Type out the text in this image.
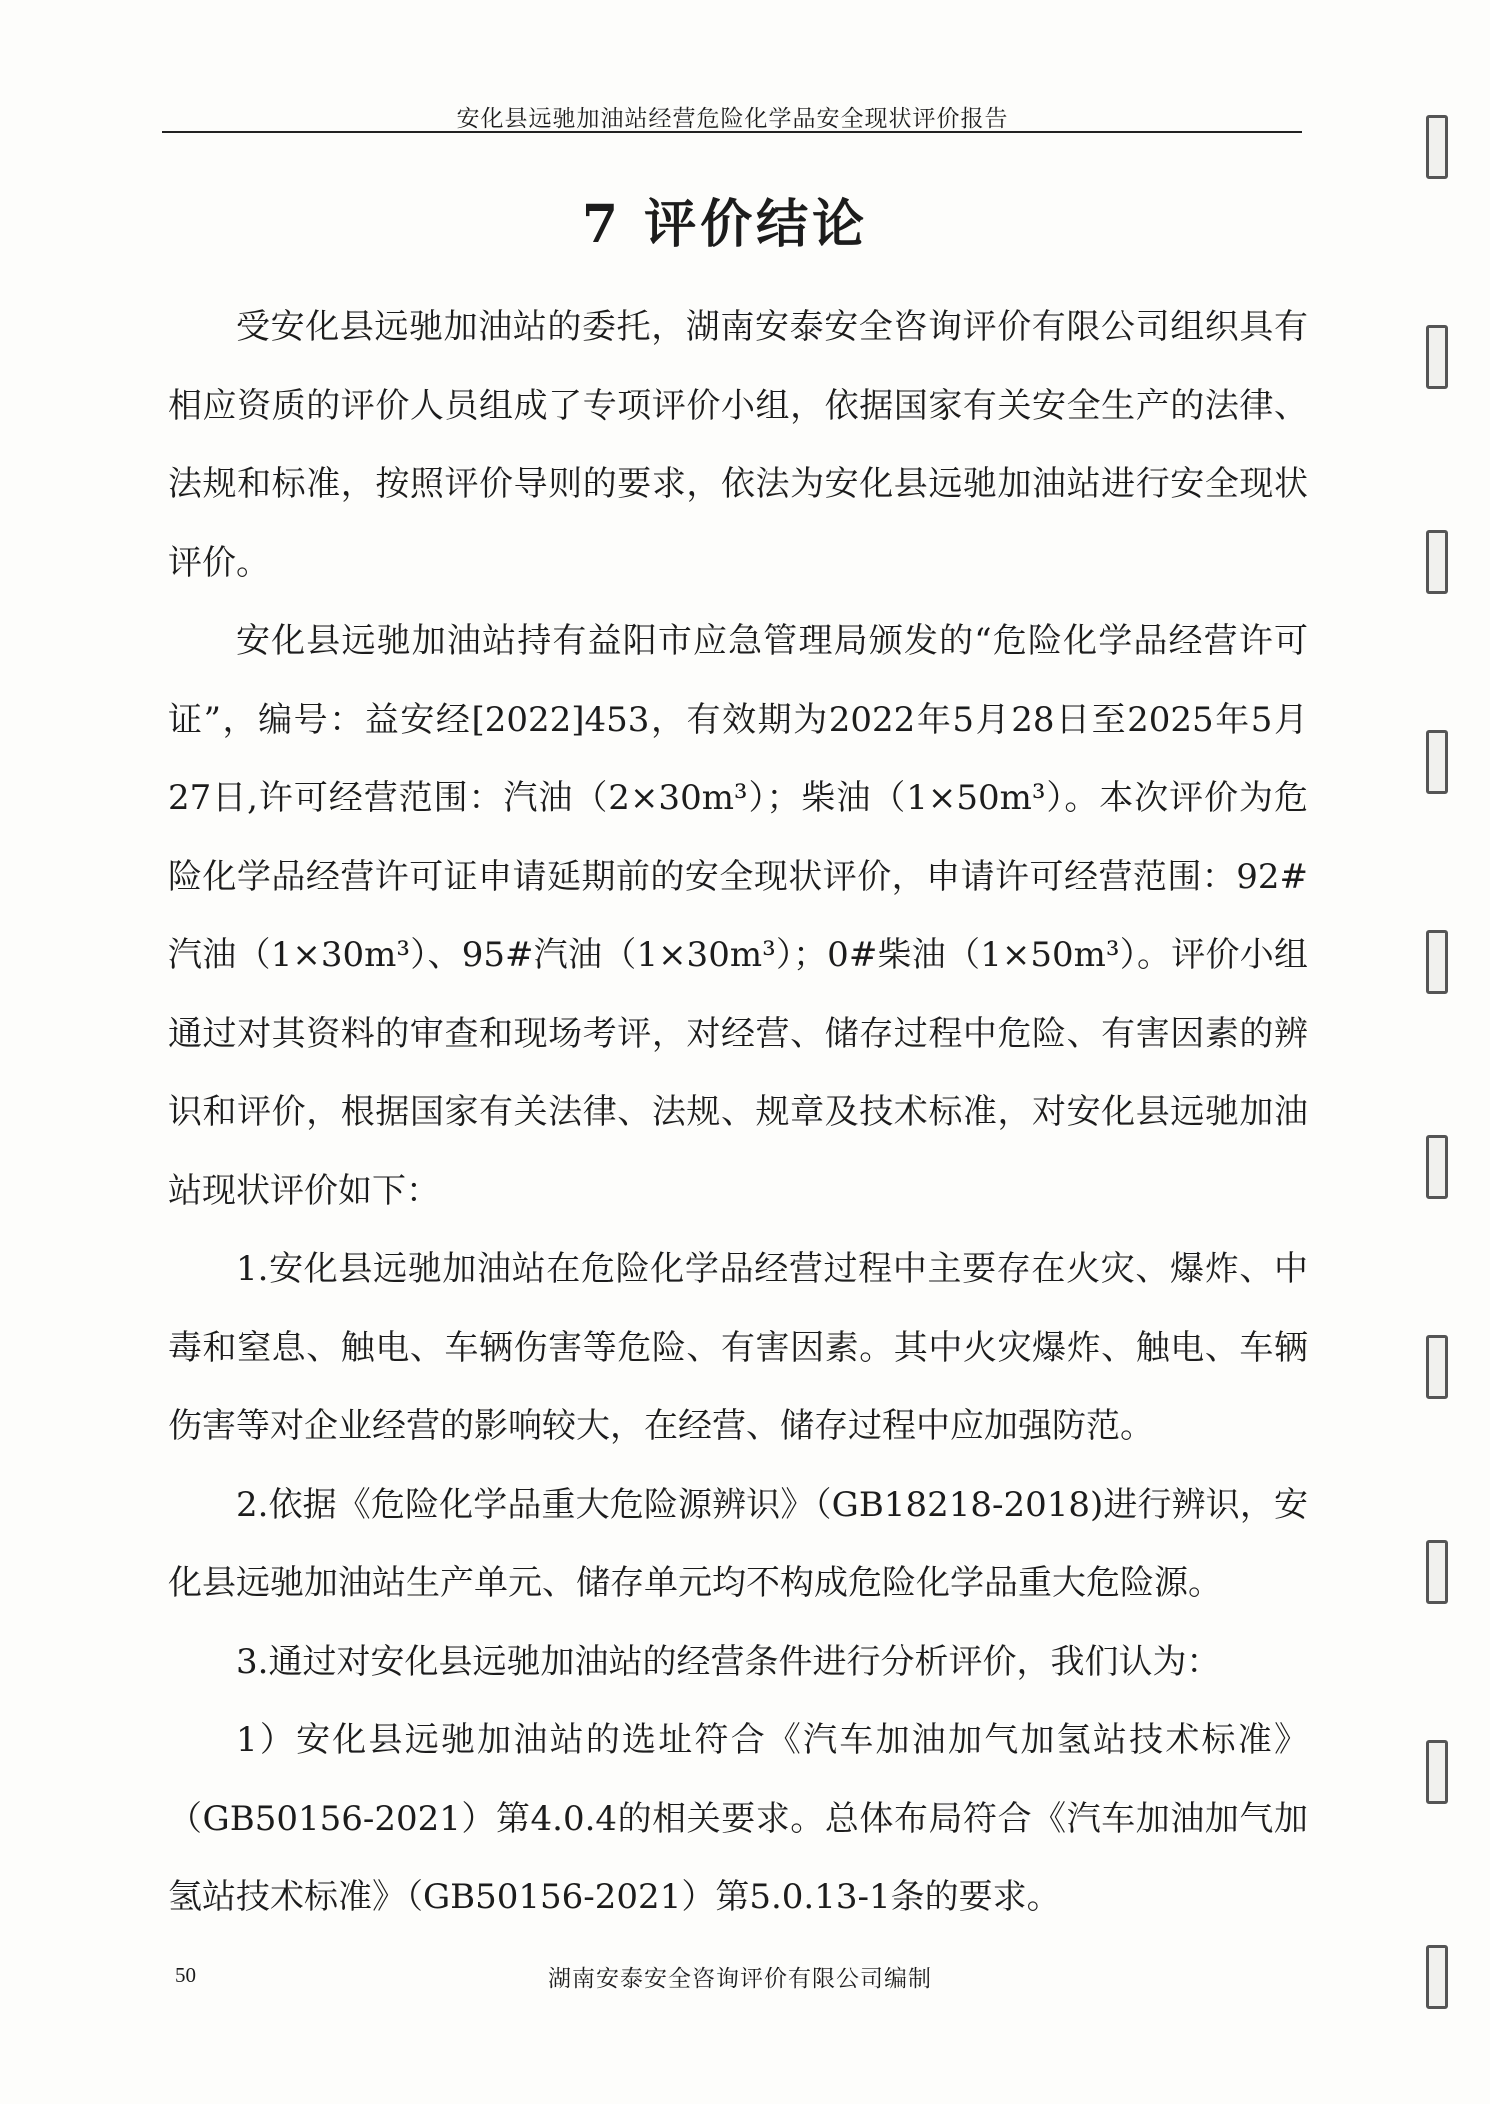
安化县远驰加油站经营危险化学品安全现状评价报告
7 评价结论

受安化县远驰加油站的委托，湖南安泰安全咨询评价有限公司组织具有相应资质的评价人员组成了专项评价小组，依据国家有关安全生产的法律、法规和标准，按照评价导则的要求，依法为安化县远驰加油站进行安全现状评价。

安化县远驰加油站持有益阳市应急管理局颁发的“危险化学品经营许可证”，编号：益安经[2022]453，有效期为2022年5月28日至2025年5月27日,许可经营范围：汽油（2×30m³）；柴油（1×50m³）。本次评价为危险化学品经营许可证申请延期前的安全现状评价，申请许可经营范围：92#汽油（1×30m³）、95#汽油（1×30m³）；0#柴油（1×50m³）。评价小组通过对其资料的审查和现场考评，对经营、储存过程中危险、有害因素的辨识和评价，根据国家有关法律、法规、规章及技术标准，对安化县远驰加油站现状评价如下：

1.安化县远驰加油站在危险化学品经营过程中主要存在火灾、爆炸、中毒和窒息、触电、车辆伤害等危险、有害因素。其中火灾爆炸、触电、车辆伤害等对企业经营的影响较大，在经营、储存过程中应加强防范。

2.依据《危险化学品重大危险源辨识》（GB18218-2018)进行辨识，安化县远驰加油站生产单元、储存单元均不构成危险化学品重大危险源。

3.通过对安化县远驰加油站的经营条件进行分析评价，我们认为：

1）安化县远驰加油站的选址符合《汽车加油加气加氢站技术标准》（GB50156-2021）第4.0.4的相关要求。总体布局符合《汽车加油加气加氢站技术标准》（GB50156-2021）第5.0.13-1条的要求。

50	湖南安泰安全咨询评价有限公司编制
